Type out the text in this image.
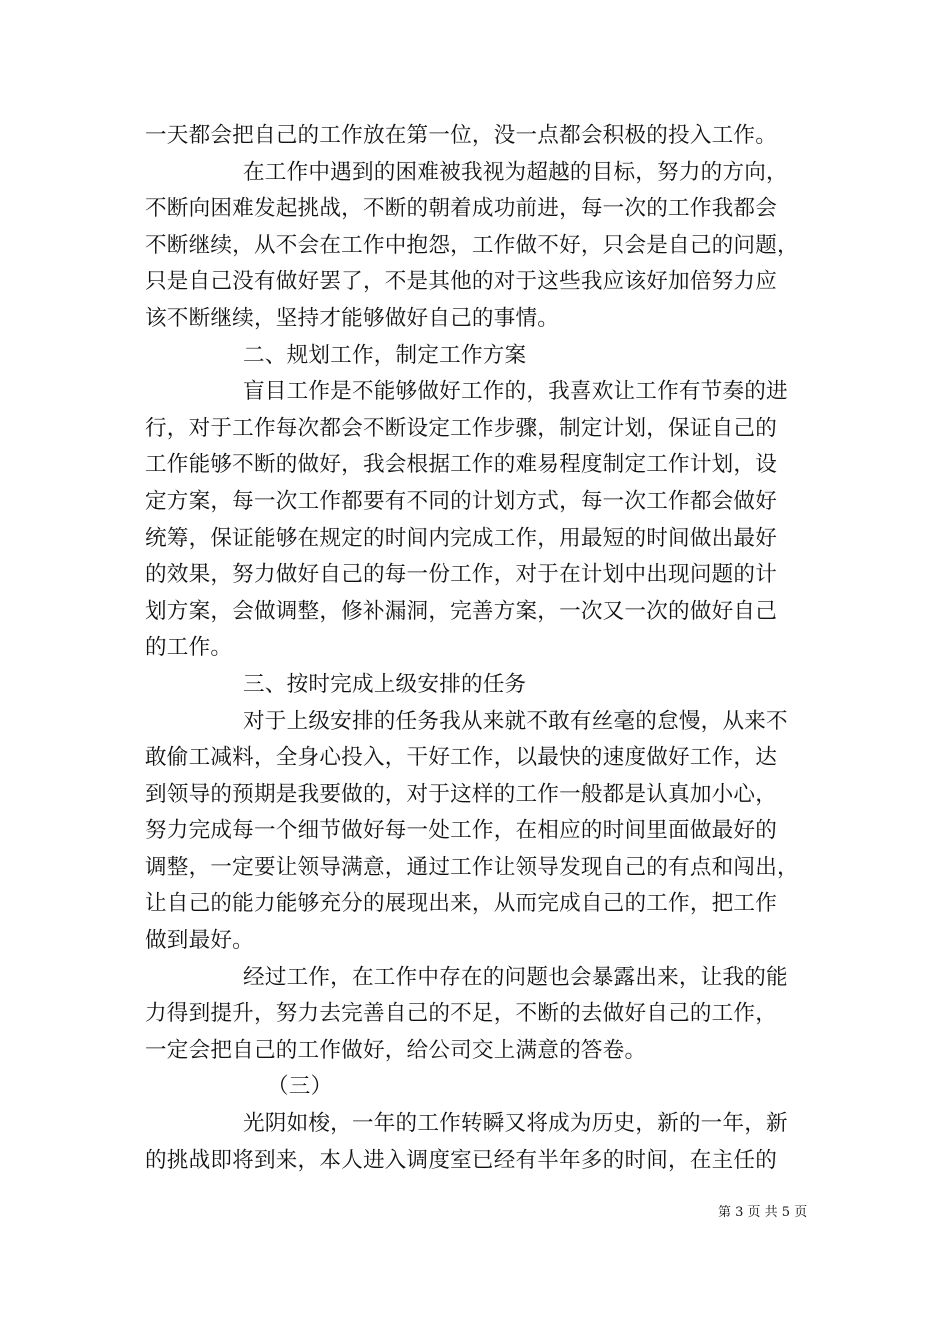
一天都会把自己的工作放在第一位，没一点都会积极的投入工作。
在工作中遇到的困难被我视为超越的目标，努力的方向，
不断向困难发起挑战，不断的朝着成功前进，每一次的工作我都会
不断继续，从不会在工作中抱怨，工作做不好，只会是自己的问题，
只是自己没有做好罢了，不是其他的对于这些我应该好加倍努力应
该不断继续，坚持才能够做好自己的事情。
二、规划工作，制定工作方案
盲目工作是不能够做好工作的，我喜欢让工作有节奏的进
行，对于工作每次都会不断设定工作步骤，制定计划，保证自己的
工作能够不断的做好，我会根据工作的难易程度制定工作计划，设
定方案，每一次工作都要有不同的计划方式，每一次工作都会做好
统筹，保证能够在规定的时间内完成工作，用最短的时间做出最好
的效果，努力做好自己的每一份工作，对于在计划中出现问题的计
划方案，会做调整，修补漏洞，完善方案，一次又一次的做好自己
的工作。
三、按时完成上级安排的任务
对于上级安排的任务我从来就不敢有丝毫的怠慢，从来不
敢偷工减料，全身心投入，干好工作，以最快的速度做好工作，达
到领导的预期是我要做的，对于这样的工作一般都是认真加小心，
努力完成每一个细节做好每一处工作，在相应的时间里面做最好的
调整，一定要让领导满意，通过工作让领导发现自己的有点和闯出，
让自己的能力能够充分的展现出来，从而完成自己的工作，把工作
做到最好。
经过工作，在工作中存在的问题也会暴露出来，让我的能
力得到提升，努力去完善自己的不足，不断的去做好自己的工作，
一定会把自己的工作做好，给公司交上满意的答卷。
（三）
光阴如梭，一年的工作转瞬又将成为历史，新的一年，新
的挑战即将到来，本人进入调度室已经有半年多的时间，在主任的
第 3 页 共 5 页
